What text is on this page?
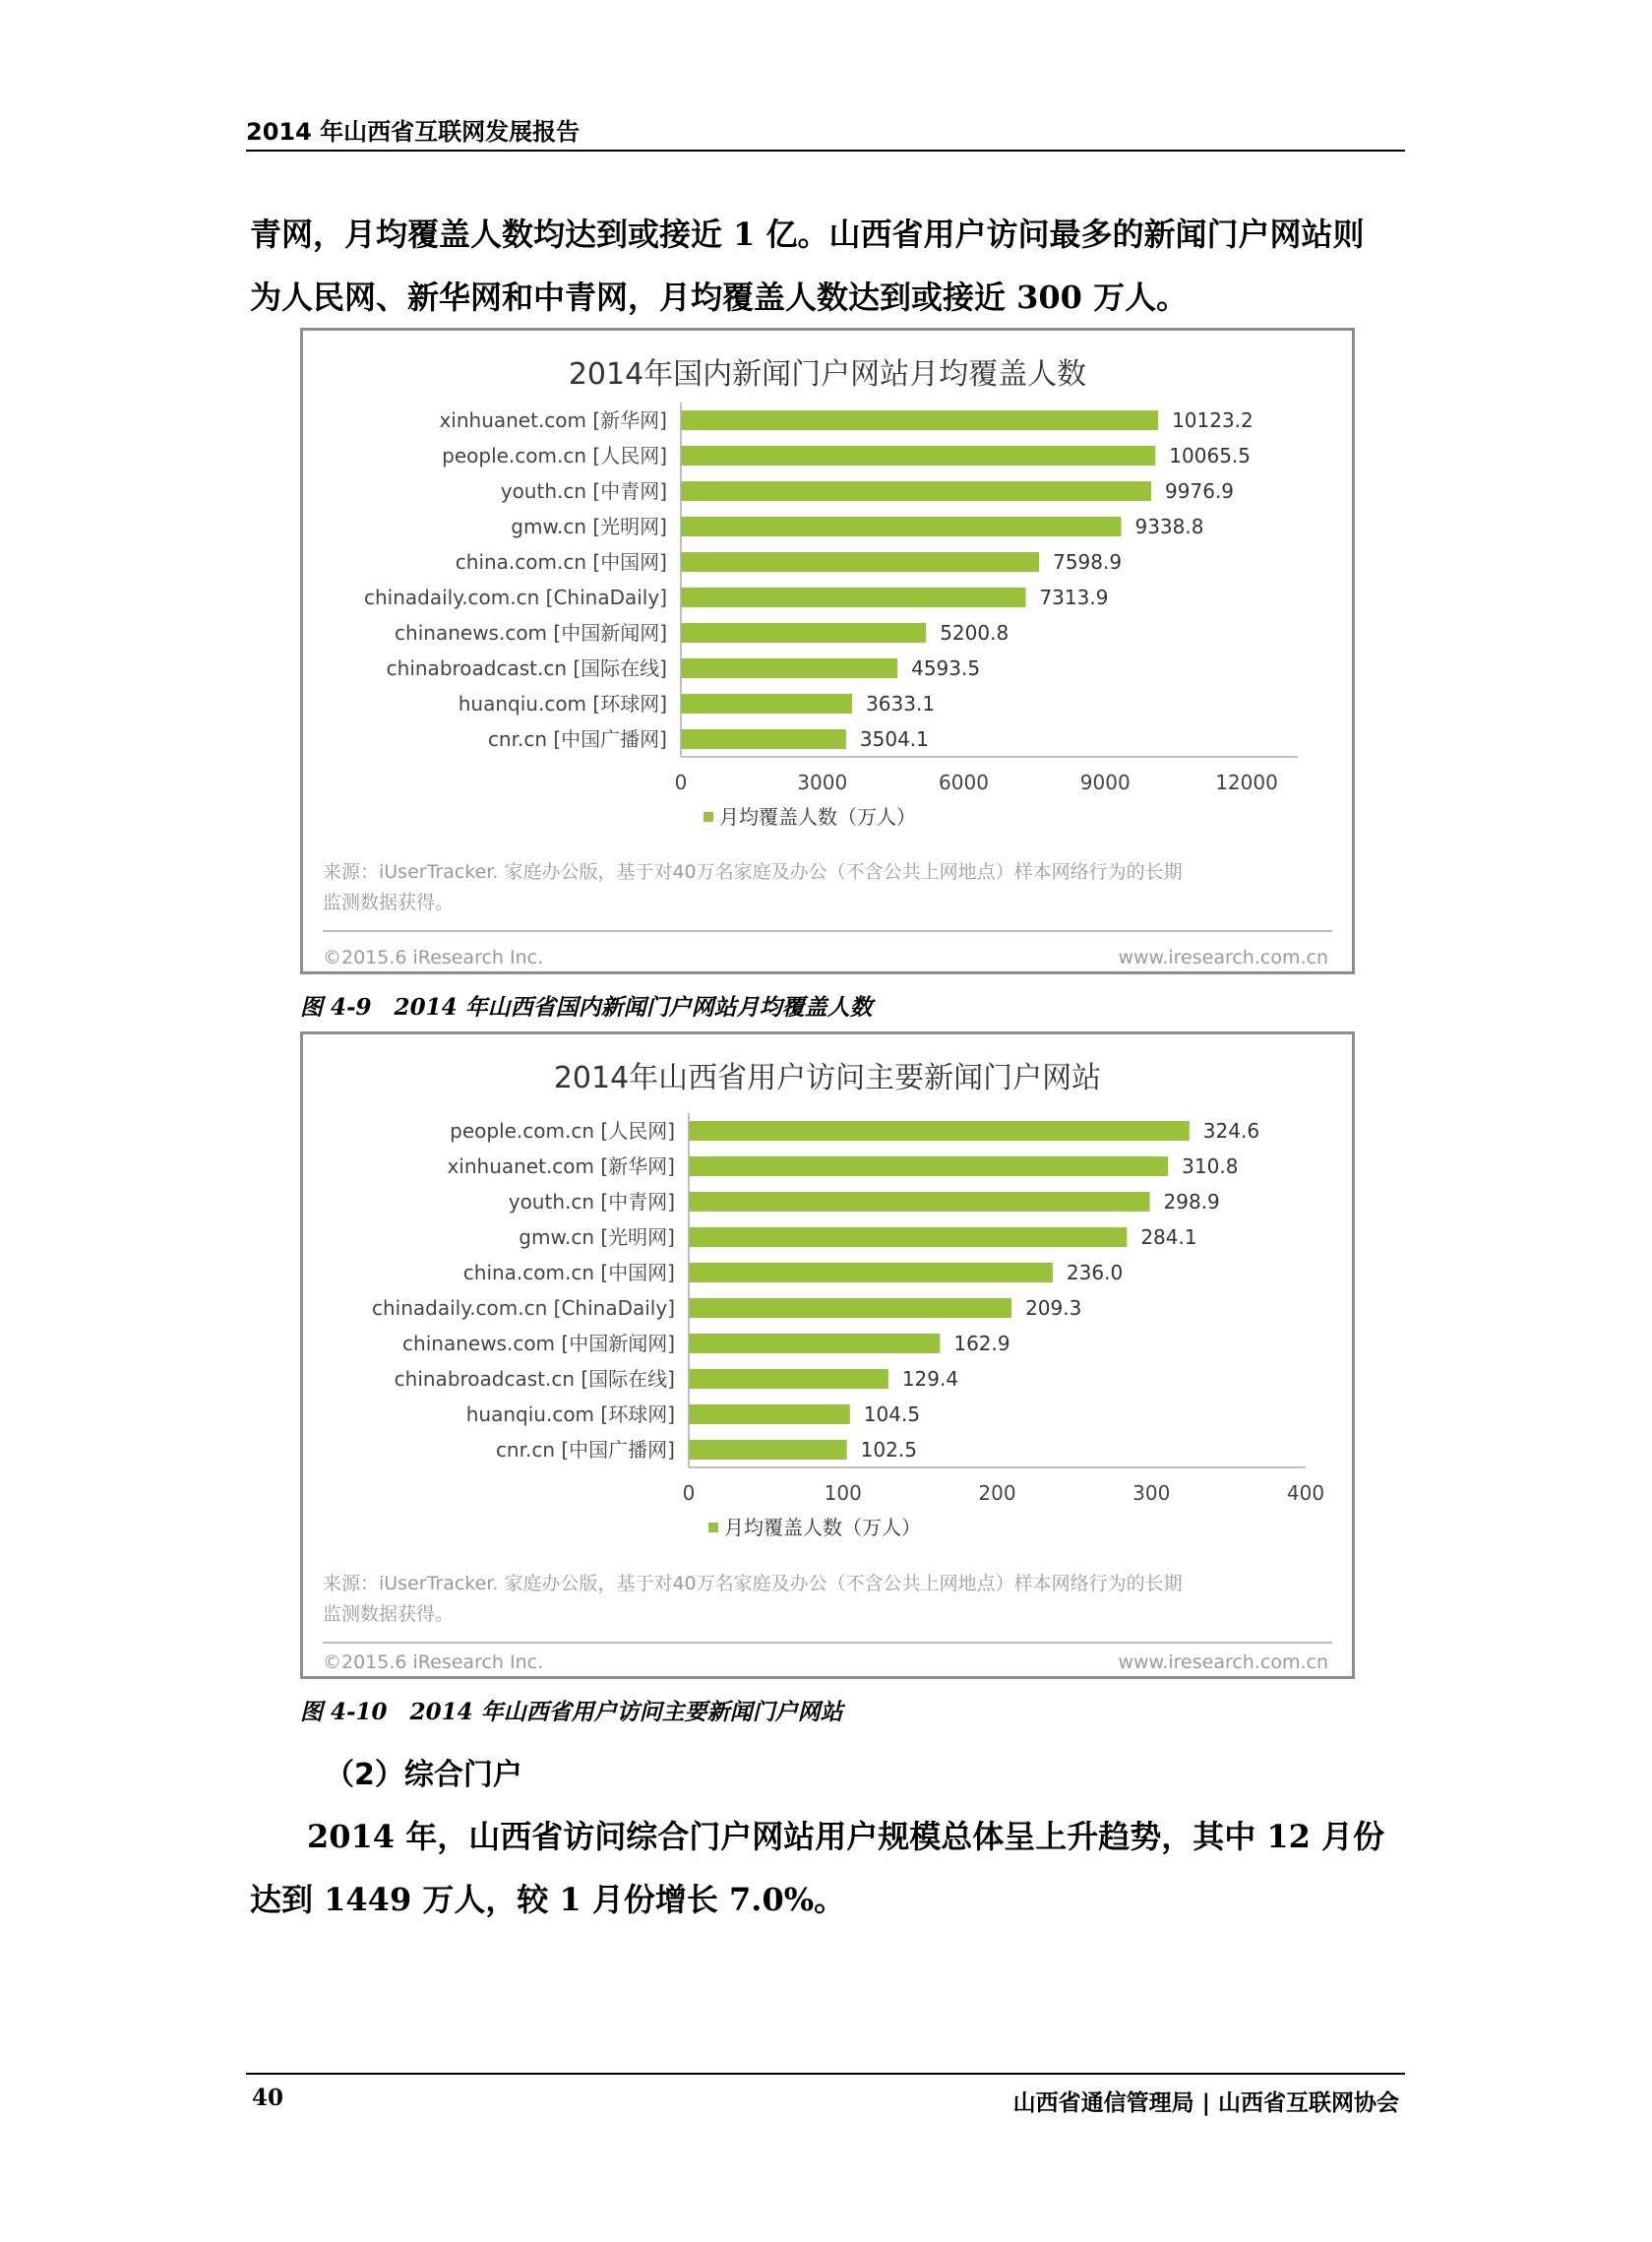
2014 年山西省互联网发展报告
青网，月均覆盖人数均达到或接近 1 亿。山西省用户访问最多的新闻门户网站则
为人民网、新华网和中青网，月均覆盖人数达到或接近 300 万人。
2014年国内新闻门户网站月均覆盖人数
xinhuanet.com [新华网]	10123.2
people.com.cn [人民网]	10065.5
youth.cn [中青网]	9976.9
gmw.cn [光明网]	9338.8
china.com.cn [中国网]	7598.9
chinadaily.com.cn [ChinaDaily]	7313.9
chinanews.com [中国新闻网]	5200.8
chinabroadcast.cn [国际在线]	4593.5
huanqiu.com [环球网]	3633.1
cnr.cn [中国广播网]	3504.1
0	3000	6000	9000	12000
月均覆盖人数（万人）
来源：iUserTracker. 家庭办公版，基于对40万名家庭及办公（不含公共上网地点）样本网络行为的长期
监测数据获得。
©2015.6 iResearch Inc.	www.iresearch.com.cn
图 4-9　2014 年山西省国内新闻门户网站月均覆盖人数
2014年山西省用户访问主要新闻门户网站
people.com.cn [人民网]	324.6
xinhuanet.com [新华网]	310.8
youth.cn [中青网]	298.9
gmw.cn [光明网]	284.1
china.com.cn [中国网]	236.0
chinadaily.com.cn [ChinaDaily]	209.3
chinanews.com [中国新闻网]	162.9
chinabroadcast.cn [国际在线]	129.4
huanqiu.com [环球网]	104.5
cnr.cn [中国广播网]	102.5
0	100	200	300	400
月均覆盖人数（万人）
来源：iUserTracker. 家庭办公版，基于对40万名家庭及办公（不含公共上网地点）样本网络行为的长期
监测数据获得。
©2015.6 iResearch Inc.	www.iresearch.com.cn
图 4-10　2014 年山西省用户访问主要新闻门户网站
（2）综合门户
2014 年，山西省访问综合门户网站用户规模总体呈上升趋势，其中 12 月份
达到 1449 万人，较 1 月份增长 7.0%。
40	山西省通信管理局 | 山西省互联网协会
